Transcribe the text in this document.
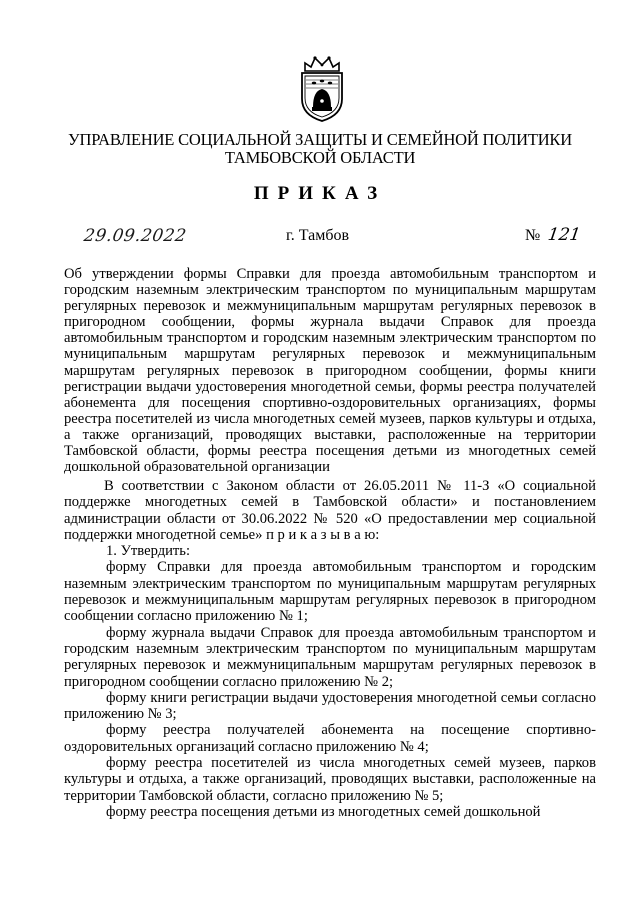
УПРАВЛЕНИЕ СОЦИАЛЬНОЙ ЗАЩИТЫ И СЕМЕЙНОЙ ПОЛИТИКИ
ТАМБОВСКОЙ ОБЛАСТИ
ПРИКАЗ
29.09.2022	г. Тамбов	№ 121
Об утверждении формы Справки для проезда автомобильным транспортом и городским наземным электрическим транспортом по муниципальным маршрутам регулярных перевозок и межмуниципальным маршрутам регулярных перевозок в пригородном сообщении, формы журнала выдачи Справок для проезда автомобильным транспортом и городским наземным электрическим транспортом по муниципальным маршрутам регулярных перевозок и межмуниципальным маршрутам регулярных перевозок в пригородном сообщении, формы книги регистрации выдачи удостоверения многодетной семьи, формы реестра получателей абонемента для посещения спортивно-оздоровительных организациях, формы реестра посетителей из числа многодетных семей музеев, парков культуры и отдыха, а также организаций, проводящих выставки, расположенные на территории Тамбовской области, формы реестра посещения детьми из многодетных семей дошкольной образовательной организации

В соответствии с Законом области от 26.05.2011 № 11-З «О социальной поддержке многодетных семей в Тамбовской области» и постановлением администрации области от 30.06.2022 № 520 «О предоставлении мер социальной поддержки многодетной семье» п р и к а з ы в а ю:

1. Утвердить:

форму Справки для проезда автомобильным транспортом и городским наземным электрическим транспортом по муниципальным маршрутам регулярных перевозок и межмуниципальным маршрутам регулярных перевозок в пригородном сообщении согласно приложению № 1;

форму журнала выдачи Справок для проезда автомобильным транспортом и городским наземным электрическим транспортом по муниципальным маршрутам регулярных перевозок и межмуниципальным маршрутам регулярных перевозок в пригородном сообщении согласно приложению № 2;

форму книги регистрации выдачи удостоверения многодетной семьи согласно приложению № 3;

форму реестра получателей абонемента на посещение спортивно-оздоровительных организаций согласно приложению № 4;

форму реестра посетителей из числа многодетных семей музеев, парков культуры и отдыха, а также организаций, проводящих выставки, расположенные на территории Тамбовской области, согласно приложению № 5;

форму реестра посещения детьми из многодетных семей дошкольной
